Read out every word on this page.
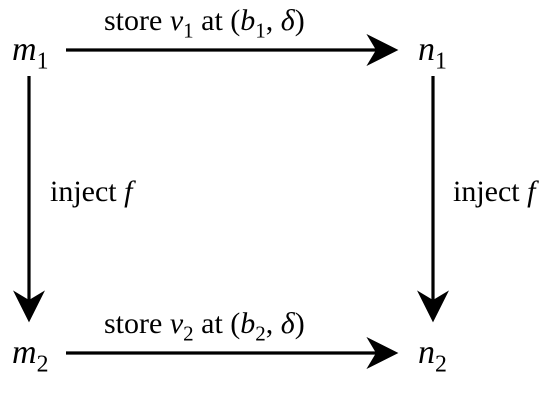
$m_1$	$n_1$
$m_2$	$n_2$
store $v_1$ at ($b_1$, δ)
store $v_2$ at ($b_2$, δ)
inject f	inject f
